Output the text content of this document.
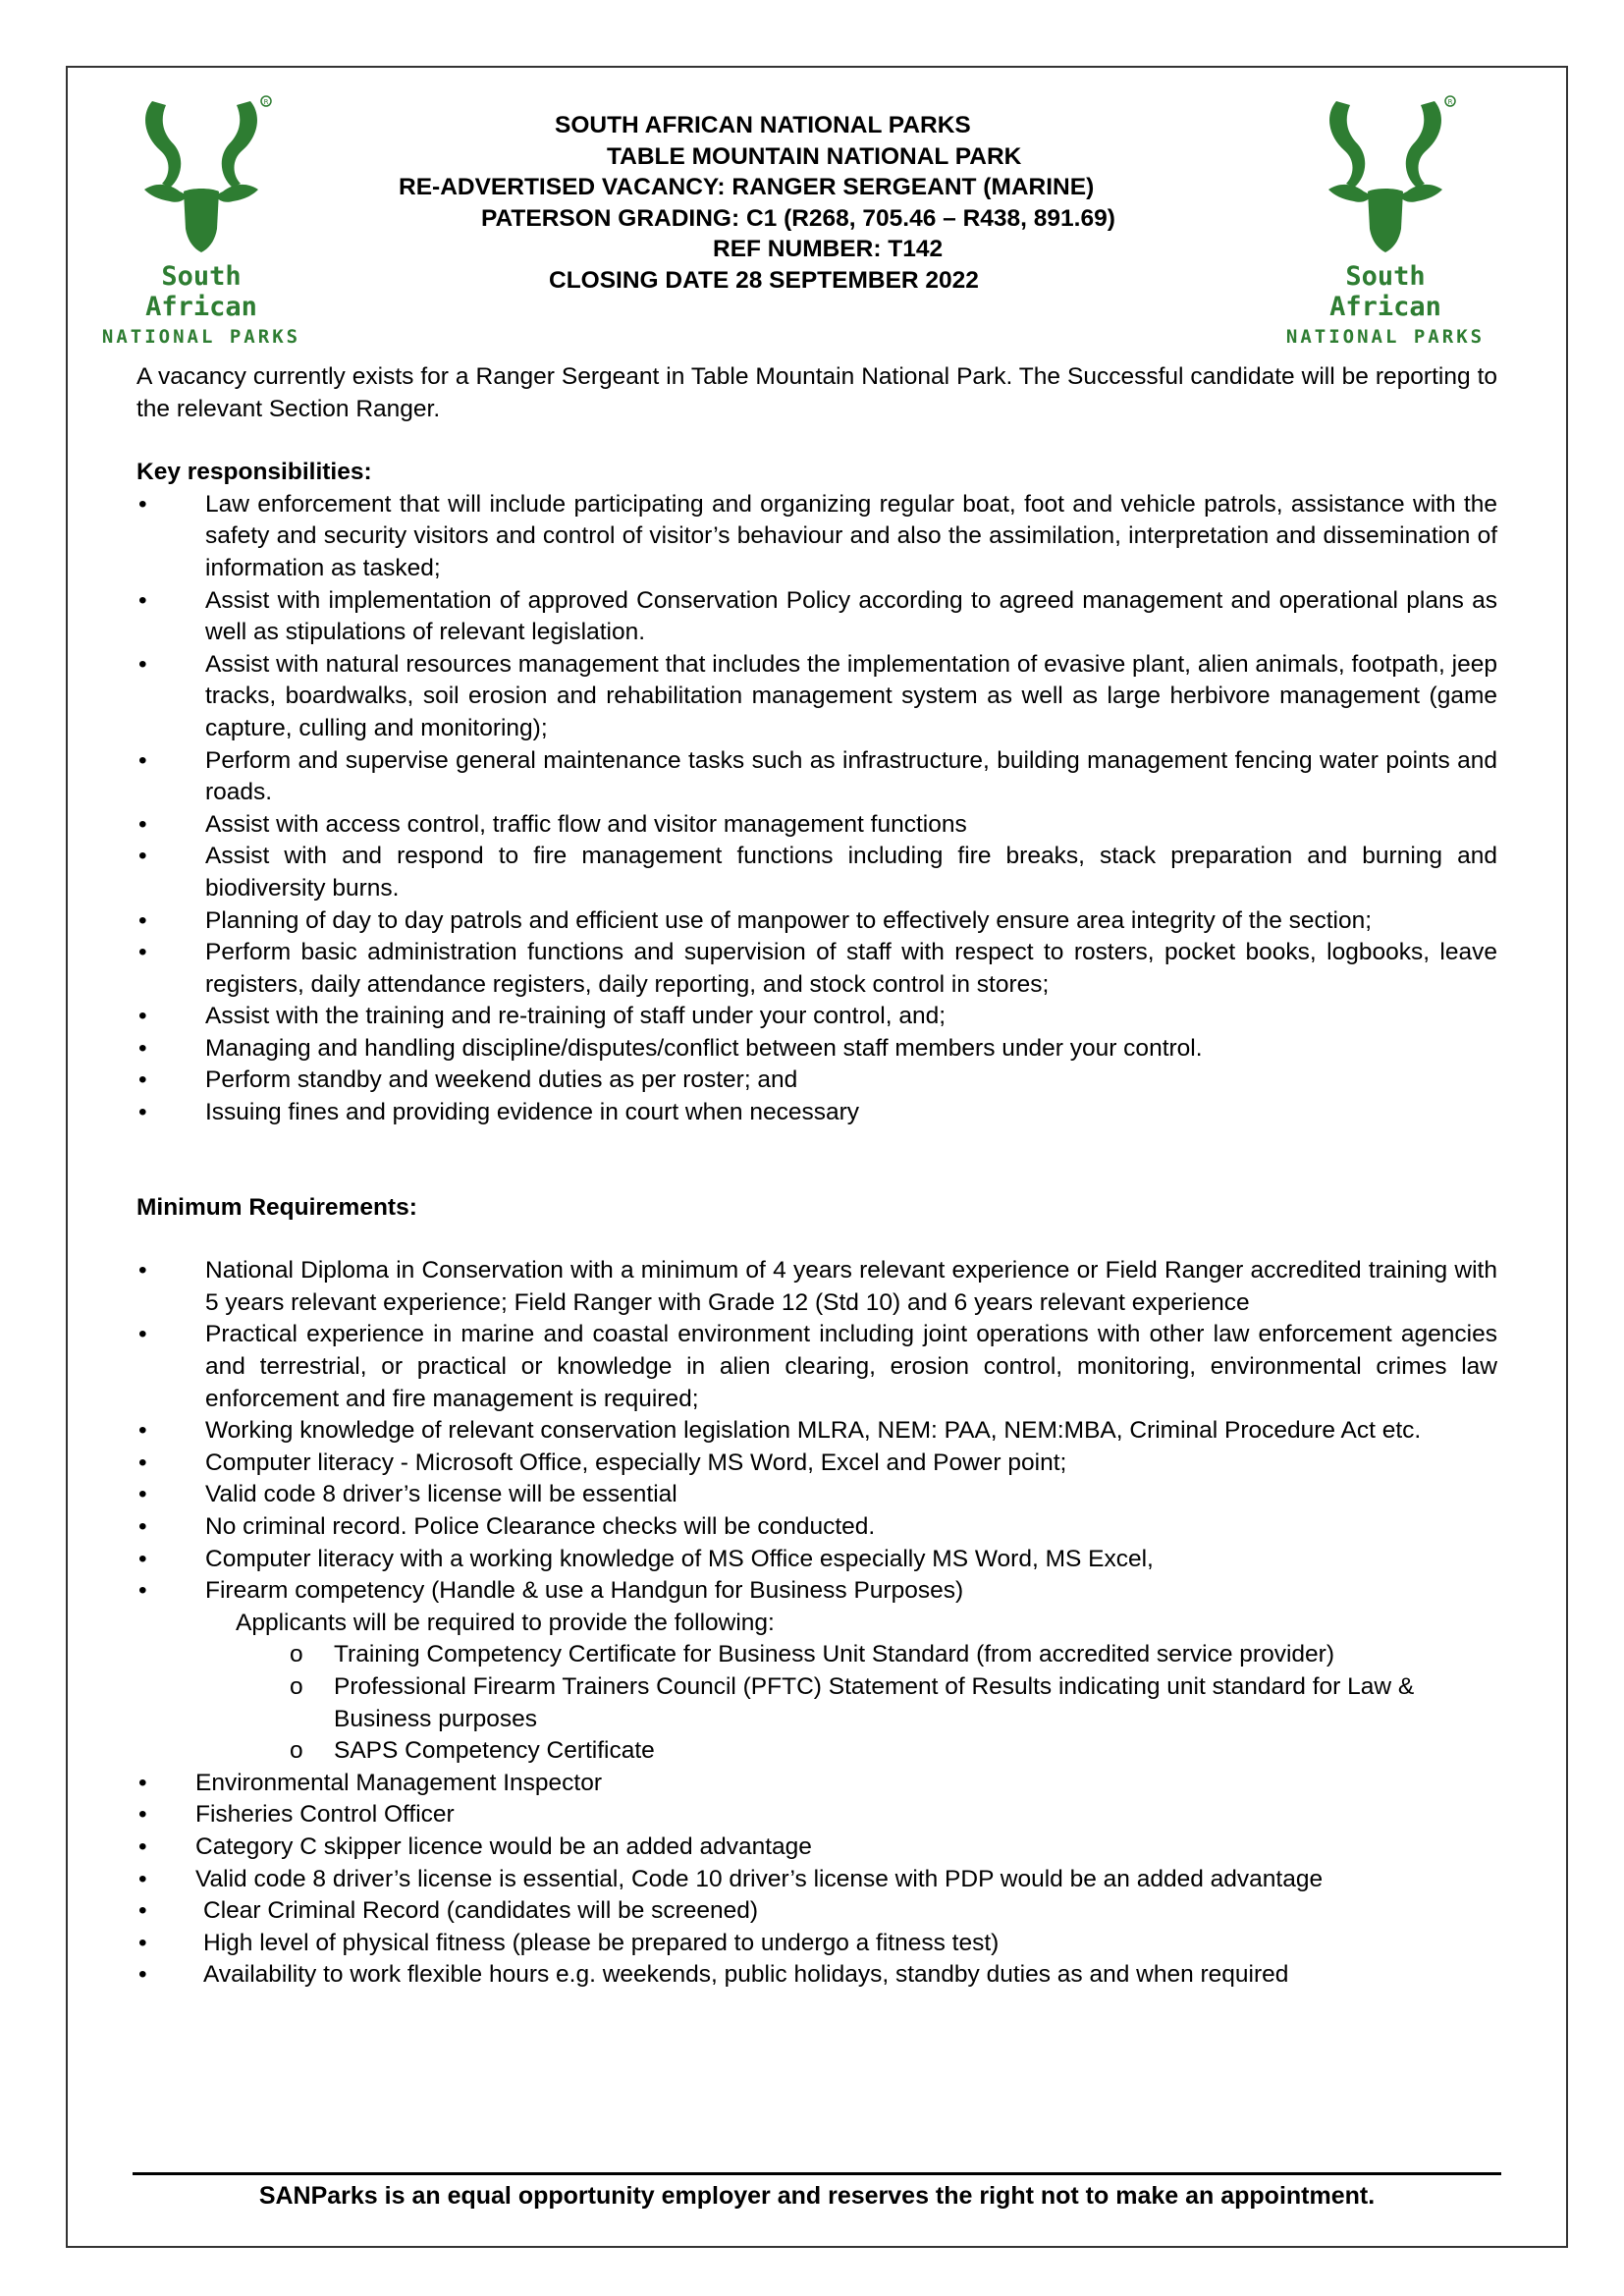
R
South African
NATIONAL PARKS
R
South African
NATIONAL PARKS
SOUTH AFRICAN NATIONAL PARKS
TABLE MOUNTAIN NATIONAL PARK
RE-ADVERTISED VACANCY: RANGER SERGEANT (MARINE)
PATERSON GRADING: C1 (R268, 705.46 – R438, 891.69)
REF NUMBER: T142
CLOSING DATE 28 SEPTEMBER 2022

A vacancy currently exists for a Ranger Sergeant in Table Mountain National Park. The Successful candidate will be reporting to the relevant Section Ranger.

Key responsibilities:
•	Law enforcement that will include participating and organizing regular boat, foot and vehicle patrols, assistance with the safety and security visitors and control of visitor’s behaviour and also the assimilation, interpretation and dissemination of information as tasked;
•	Assist with implementation of approved Conservation Policy according to agreed management and operational plans as well as stipulations of relevant legislation.
•	Assist with natural resources management that includes the implementation of evasive plant, alien animals, footpath, jeep tracks, boardwalks, soil erosion and rehabilitation management system as well as large herbivore management (game capture, culling and monitoring);
•	Perform and supervise general maintenance tasks such as infrastructure, building management fencing water points and roads.
•	Assist with access control, traffic flow and visitor management functions
•	Assist with and respond to fire management functions including fire breaks, stack preparation and burning and biodiversity burns.
•	Planning of day to day patrols and efficient use of manpower to effectively ensure area integrity of the section;
•	Perform basic administration functions and supervision of staff with respect to rosters, pocket books, logbooks, leave registers, daily attendance registers, daily reporting, and stock control in stores;
•	Assist with the training and re-training of staff under your control, and;
•	Managing and handling discipline/disputes/conflict between staff members under your control.
•	Perform standby and weekend duties as per roster; and
•	Issuing fines and providing evidence in court when necessary
Minimum Requirements:
•	National Diploma in Conservation with a minimum of 4 years relevant experience or Field Ranger accredited training with 5 years relevant experience; Field Ranger with Grade 12 (Std 10) and 6 years relevant experience
•	Practical experience in marine and coastal environment including joint operations with other law enforcement agencies and terrestrial, or practical or knowledge in alien clearing, erosion control, monitoring, environmental crimes law enforcement and fire management is required;
•	Working knowledge of relevant conservation legislation MLRA, NEM: PAA, NEM:MBA, Criminal Procedure Act etc.
•	Computer literacy - Microsoft Office, especially MS Word, Excel and Power point;
•	Valid code 8 driver’s license will be essential
•	No criminal record. Police Clearance checks will be conducted.
•	Computer literacy with a working knowledge of MS Office especially MS Word, MS Excel,
•	Firearm competency (Handle & use a Handgun for Business Purposes)
Applicants will be required to provide the following:
o Training Competency Certificate for Business Unit Standard (from accredited service provider)
o Professional Firearm Trainers Council (PFTC) Statement of Results indicating unit standard for Law & Business purposes
o SAPS Competency Certificate
•	Environmental Management Inspector
•	Fisheries Control Officer
•	Category C skipper licence would be an added advantage
•	Valid code 8 driver’s license is essential, Code 10 driver’s license with PDP would be an added advantage
•	Clear Criminal Record (candidates will be screened)
•	High level of physical fitness (please be prepared to undergo a fitness test)
•	Availability to work flexible hours e.g. weekends, public holidays, standby duties as and when required
SANParks is an equal opportunity employer and reserves the right not to make an appointment.
